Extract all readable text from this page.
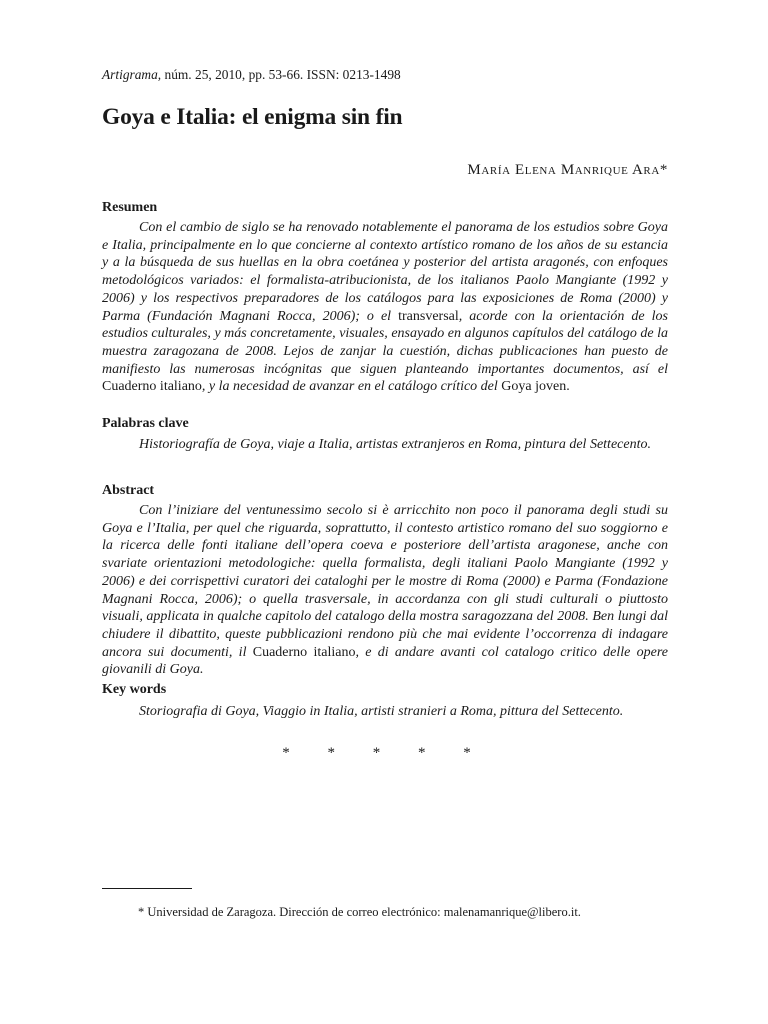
Artigrama, núm. 25, 2010, pp. 53-66. ISSN: 0213-1498
Goya e Italia: el enigma sin fin
María Elena Manrique Ara*
Resumen

Con el cambio de siglo se ha renovado notablemente el panorama de los estudios sobre Goya e Italia, principalmente en lo que concierne al contexto artístico romano de los años de su estancia y a la búsqueda de sus huellas en la obra coetánea y posterior del artista aragonés, con enfoques metodológicos variados: el formalista-atribucionista, de los italianos Paolo Mangiante (1992 y 2006) y los respectivos preparadores de los catálogos para las exposiciones de Roma (2000) y Parma (Fundación Magnani Rocca, 2006); o el transversal, acorde con la orientación de los estudios culturales, y más concretamente, visuales, ensayado en algunos capítulos del catálogo de la muestra zaragozana de 2008. Lejos de zanjar la cuestión, dichas publicaciones han puesto de manifiesto las numerosas incógnitas que siguen planteando importantes documentos, así el Cuaderno italiano, y la necesidad de avanzar en el catálogo crítico del Goya joven.

Palabras clave

Historiografía de Goya, viaje a Italia, artistas extranjeros en Roma, pintura del Settecento.

Abstract

Con l’iniziare del ventunessimo secolo si è arricchito non poco il panorama degli studi su Goya e l’Italia, per quel che riguarda, soprattutto, il contesto artistico romano del suo soggiorno e la ricerca delle fonti italiane dell’opera coeva e posteriore dell’artista aragonese, anche con svariate orientazioni metodologiche: quella formalista, degli italiani Paolo Mangiante (1992 y 2006) e dei corrispettivi curatori dei cataloghi per le mostre di Roma (2000) e Parma (Fondazione Magnani Rocca, 2006); o quella trasversale, in accordanza con gli studi culturali o piuttosto visuali, applicata in qualche capitolo del catalogo della mostra saragozzana del 2008. Ben lungi dal chiudere il dibattito, queste pubblicazioni rendono più che mai evidente l’occorrenza di indagare ancora sui documenti, il Cuaderno italiano, e di andare avanti col catalogo critico delle opere giovanili di Goya.

Key words

Storiografia di Goya, Viaggio in Italia, artisti stranieri a Roma, pittura del Settecento.

* * * * *
* Universidad de Zaragoza. Dirección de correo electrónico: malenamanrique@libero.it.
